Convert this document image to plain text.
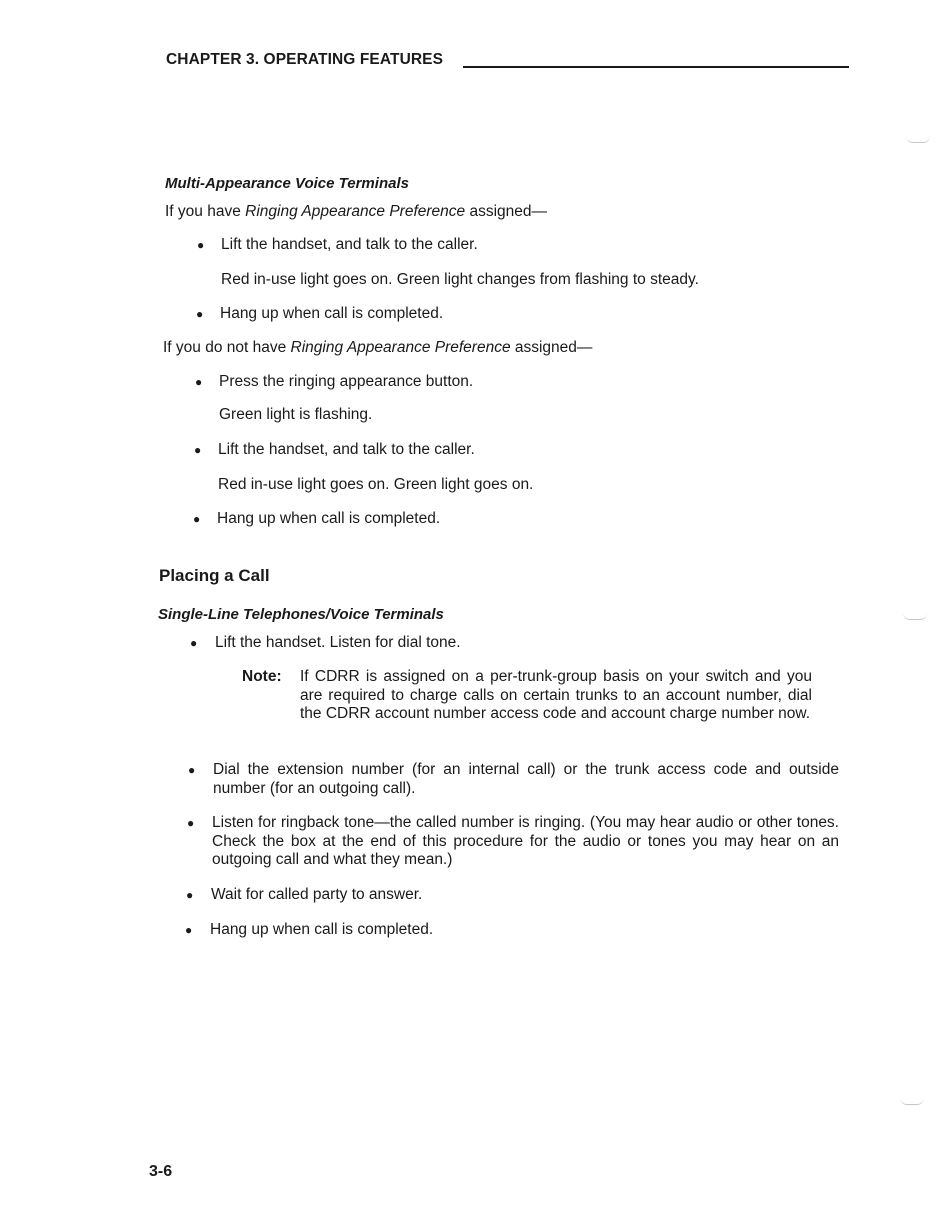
CHAPTER 3. OPERATING FEATURES
Multi-Appearance Voice Terminals
If you have Ringing Appearance Preference assigned—
● Lift the handset, and talk to the caller.
Red in-use light goes on. Green light changes from flashing to steady.
● Hang up when call is completed.
If you do not have Ringing Appearance Preference assigned—
● Press the ringing appearance button.
Green light is flashing.
● Lift the handset, and talk to the caller.
Red in-use light goes on. Green light goes on.
● Hang up when call is completed.
Placing a Call
Single-Line Telephones/Voice Terminals
● Lift the handset. Listen for dial tone.
Note: If CDRR is assigned on a per-trunk-group basis on your switch and you are required to charge calls on certain trunks to an account number, dial the CDRR account number access code and account charge number now.
● Dial the extension number (for an internal call) or the trunk access code and outside number (for an outgoing call).
● Listen for ringback tone—the called number is ringing. (You may hear audio or other tones. Check the box at the end of this procedure for the audio or tones you may hear on an outgoing call and what they mean.)
● Wait for called party to answer.
● Hang up when call is completed.
3-6
